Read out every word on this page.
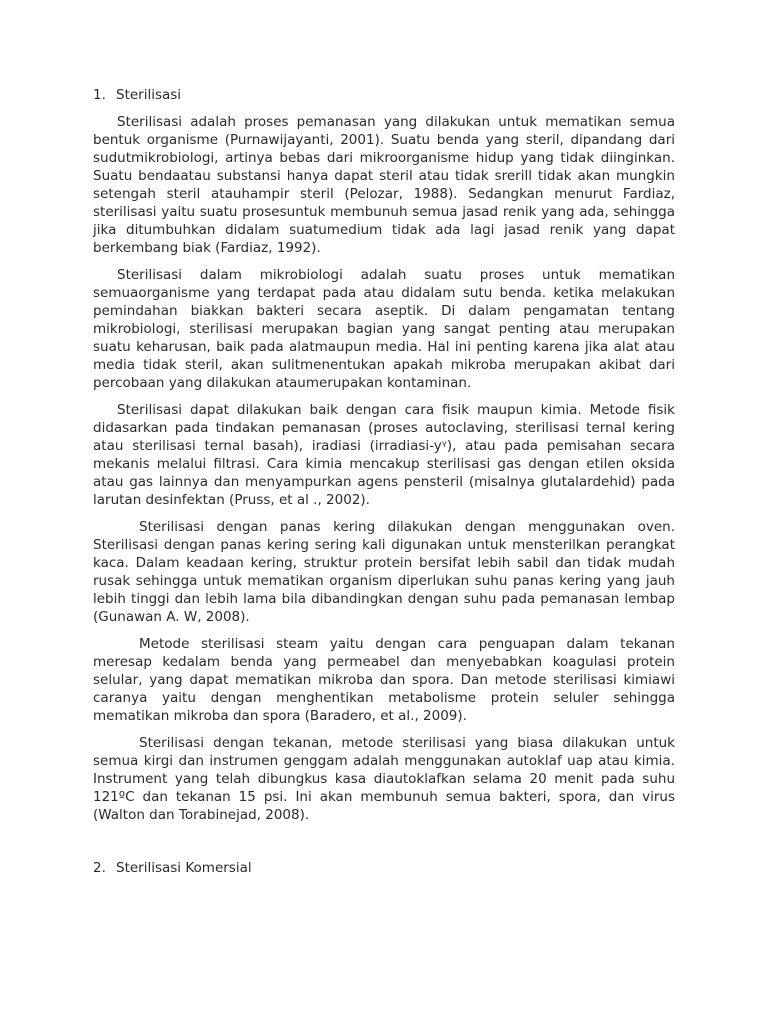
1. Sterilisasi

Sterilisasi adalah proses pemanasan yang dilakukan untuk mematikan semua bentuk organisme (Purnawijayanti, 2001). Suatu benda yang steril, dipandang dari sudutmikrobiologi, artinya bebas dari mikroorganisme hidup yang tidak diinginkan. Suatu bendaatau substansi hanya dapat steril atau tidak srerill tidak akan mungkin setengah steril atauhampir steril (Pelozar, 1988). Sedangkan menurut Fardiaz, sterilisasi yaitu suatu prosesuntuk membunuh semua jasad renik yang ada, sehingga jika ditumbuhkan didalam suatumedium tidak ada lagi jasad renik yang dapat berkembang biak (Fardiaz, 1992).

Sterilisasi dalam mikrobiologi adalah suatu proses untuk mematikan semuaorganisme yang terdapat pada atau didalam sutu benda. ketika melakukan pemindahan biakkan bakteri secara aseptik. Di dalam pengamatan tentang mikrobiologi, sterilisasi merupakan bagian yang sangat penting atau merupakan suatu keharusan, baik pada alatmaupun media. Hal ini penting karena jika alat atau media tidak steril, akan sulitmenentukan apakah mikroba merupakan akibat dari percobaan yang dilakukan ataumerupakan kontaminan.

Sterilisasi dapat dilakukan baik dengan cara fisik maupun kimia. Metode fisik didasarkan pada tindakan pemanasan (proses autoclaving, sterilisasi ternal kering atau sterilisasi ternal basah), iradiasi (irradiasi-yᵞ), atau pada pemisahan secara mekanis melalui filtrasi. Cara kimia mencakup sterilisasi gas dengan etilen oksida atau gas lainnya dan menyampurkan agens pensteril (misalnya glutalardehid) pada larutan desinfektan (Pruss, et al ., 2002).

Sterilisasi dengan panas kering dilakukan dengan menggunakan oven. Sterilisasi dengan panas kering sering kali digunakan untuk mensterilkan perangkat kaca. Dalam keadaan kering, struktur protein bersifat lebih sabil dan tidak mudah rusak sehingga untuk mematikan organism diperlukan suhu panas kering yang jauh lebih tinggi dan lebih lama bila dibandingkan dengan suhu pada pemanasan lembap (Gunawan A. W, 2008).

Metode sterilisasi steam yaitu dengan cara penguapan dalam tekanan meresap kedalam benda yang permeabel dan menyebabkan koagulasi protein selular, yang dapat mematikan mikroba dan spora. Dan metode sterilisasi kimiawi caranya yaitu dengan menghentikan metabolisme protein seluler sehingga mematikan mikroba dan spora (Baradero, et al., 2009).

Sterilisasi dengan tekanan, metode sterilisasi yang biasa dilakukan untuk semua kirgi dan instrumen genggam adalah menggunakan autoklaf uap atau kimia. Instrument yang telah dibungkus kasa diautoklafkan selama 20 menit pada suhu 121ºC dan tekanan 15 psi. Ini akan membunuh semua bakteri, spora, dan virus (Walton dan Torabinejad, 2008).

2. Sterilisasi Komersial
